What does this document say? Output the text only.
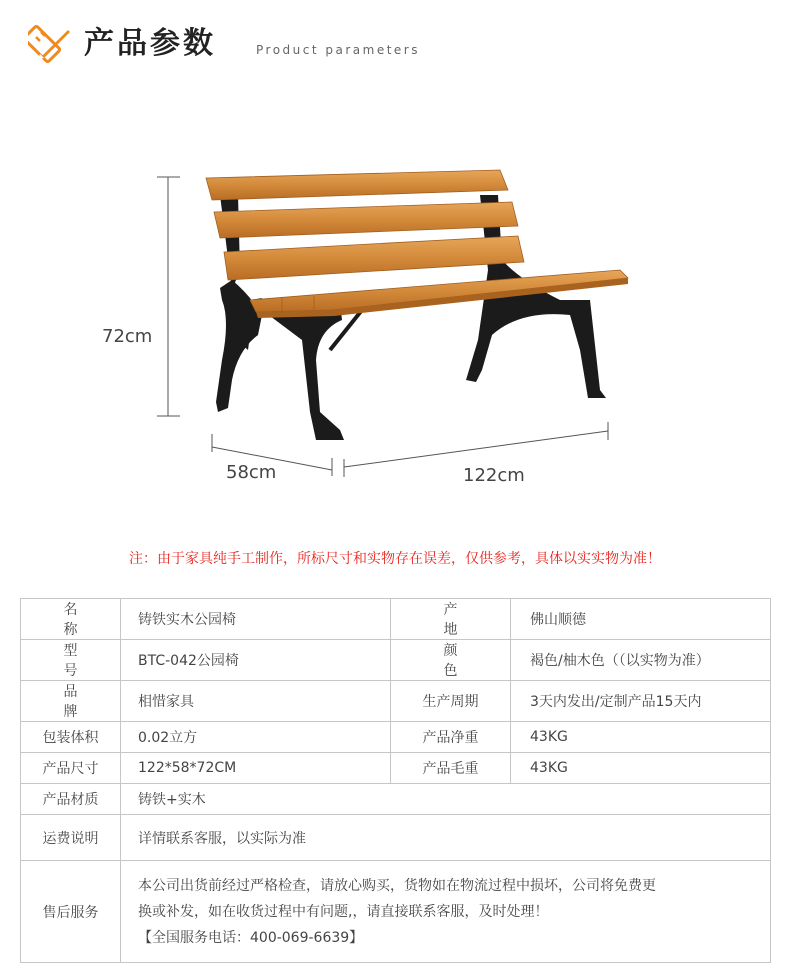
产品参数	Product parameters
72cm
58cm	122cm
注：由于家具纯手工制作，所标尺寸和实物存在误差，仅供参考，具体以实实物为准！
名 称	铸铁实木公园椅	产 地	佛山顺德
型 号	BTC-042公园椅	颜 色	褐色/柚木色（（以实物为准）
品 牌	相惜家具	生产周期	3天内发出/定制产品15天内
包装体积	0.02立方	产品净重	43KG
产品尺寸	122*58*72CM	产品毛重	43KG
产品材质	铸铁+实木		
运费说明	详情联系客服，以实际为准		
售后服务	本公司出货前经过严格检查，请放心购买，货物如在物流过程中损坏，公司将免费更
换或补发，如在收货过程中有问题,，请直接联系客服，及时处理！
【全国服务电话：400-069-6639】		
